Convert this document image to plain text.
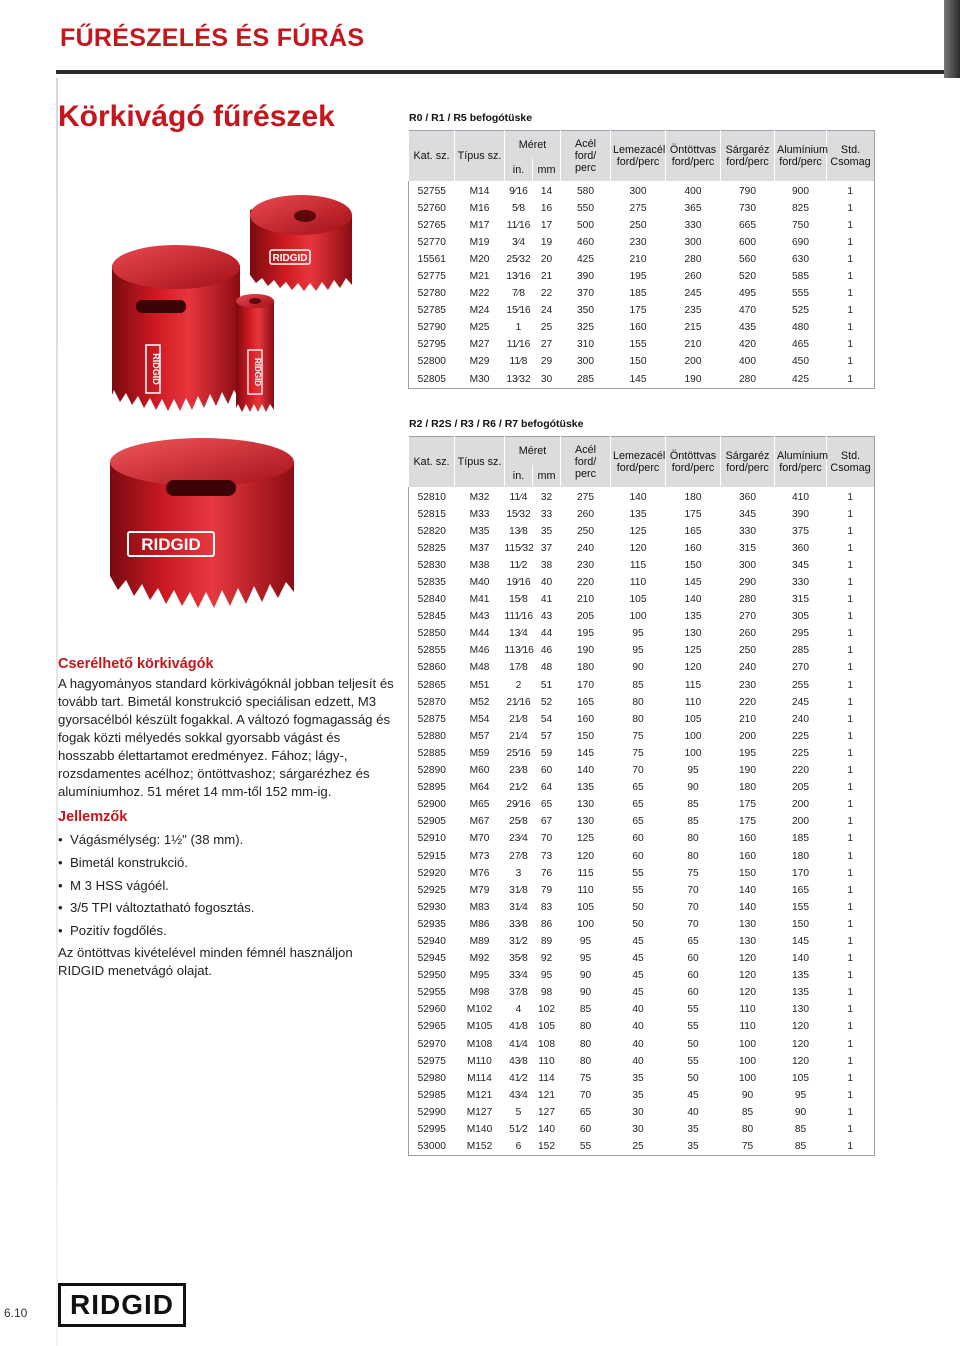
FŰRÉSZELÉS ÉS FÚRÁS
Körkivágó fűrészek
RIDGID
RIDGID	RIDGID
RIDGID
Cserélhető körkivágók

A hagyományos standard körkivágóknál jobban teljesít és tovább tart. Bimetál konstrukció speciálisan edzett, M3 gyorsacélból készült fogakkal. A változó fogmagasság és fogak közti mélyedés sokkal gyorsabb vágást és hosszabb élettartamot eredményez. Fához; lágy-, rozsdamentes acélhoz; öntöttvashoz; sárgarézhez és alumíniumhoz. 51 méret 14 mm-től 152 mm-ig.

Jellemzők
• Vágásmélység: 1½" (38 mm).
• Bimetál konstrukció.
• M 3 HSS vágóél.
• 3/5 TPI változtatható fogosztás.
• Pozitív fogdőlés.

Az öntöttvas kivételével minden fémnél használjon RIDGID menetvágó olajat.

R0 / R1 / R5 befogótüske
Kat. sz.	Típus sz.	Méret		Acél ford/ perc	Lemezacél ford/perc	Öntöttvas ford/perc	Sárgaréz ford/perc	Alumínium ford/perc	Std. Csomag
		in.	mm						
52755	M14	9⁄16	14	580	300	400	790	900	1
52760	M16	5⁄8	16	550	275	365	730	825	1
52765	M17	11⁄16	17	500	250	330	665	750	1
52770	M19	3⁄4	19	460	230	300	600	690	1
15561	M20	25⁄32	20	425	210	280	560	630	1
52775	M21	13⁄16	21	390	195	260	520	585	1
52780	M22	7⁄8	22	370	185	245	495	555	1
52785	M24	15⁄16	24	350	175	235	470	525	1
52790	M25	1	25	325	160	215	435	480	1
52795	M27	11⁄16	27	310	155	210	420	465	1
52800	M29	11⁄8	29	300	150	200	400	450	1
52805	M30	13⁄32	30	285	145	190	280	425	1
R2 / R2S / R3 / R6 / R7 befogótüske
Kat. sz.	Típus sz.	Méret		Acél ford/ perc	Lemezacél ford/perc	Öntöttvas ford/perc	Sárgaréz ford/perc	Alumínium ford/perc	Std. Csomag
		in.	mm						
52810	M32	11⁄4	32	275	140	180	360	410	1
52815	M33	15⁄32	33	260	135	175	345	390	1
52820	M35	13⁄8	35	250	125	165	330	375	1
52825	M37	115⁄32	37	240	120	160	315	360	1
52830	M38	11⁄2	38	230	115	150	300	345	1
52835	M40	19⁄16	40	220	110	145	290	330	1
52840	M41	15⁄8	41	210	105	140	280	315	1
52845	M43	111⁄16	43	205	100	135	270	305	1
52850	M44	13⁄4	44	195	95	130	260	295	1
52855	M46	113⁄16	46	190	95	125	250	285	1
52860	M48	17⁄8	48	180	90	120	240	270	1
52865	M51	2	51	170	85	115	230	255	1
52870	M52	21⁄16	52	165	80	110	220	245	1
52875	M54	21⁄8	54	160	80	105	210	240	1
52880	M57	21⁄4	57	150	75	100	200	225	1
52885	M59	25⁄16	59	145	75	100	195	225	1
52890	M60	23⁄8	60	140	70	95	190	220	1
52895	M64	21⁄2	64	135	65	90	180	205	1
52900	M65	29⁄16	65	130	65	85	175	200	1
52905	M67	25⁄8	67	130	65	85	175	200	1
52910	M70	23⁄4	70	125	60	80	160	185	1
52915	M73	27⁄8	73	120	60	80	160	180	1
52920	M76	3	76	115	55	75	150	170	1
52925	M79	31⁄8	79	110	55	70	140	165	1
52930	M83	31⁄4	83	105	50	70	140	155	1
52935	M86	33⁄8	86	100	50	70	130	150	1
52940	M89	31⁄2	89	95	45	65	130	145	1
52945	M92	35⁄8	92	95	45	60	120	140	1
52950	M95	33⁄4	95	90	45	60	120	135	1
52955	M98	37⁄8	98	90	45	60	120	135	1
52960	M102	4	102	85	40	55	110	130	1
52965	M105	41⁄8	105	80	40	55	110	120	1
52970	M108	41⁄4	108	80	40	50	100	120	1
52975	M110	43⁄8	110	80	40	55	100	120	1
52980	M114	41⁄2	114	75	35	50	100	105	1
52985	M121	43⁄4	121	70	35	45	90	95	1
52990	M127	5	127	65	30	40	85	90	1
52995	M140	51⁄2	140	60	30	35	80	85	1
53000	M152	6	152	55	25	35	75	85	1
6.10	RIDGID
